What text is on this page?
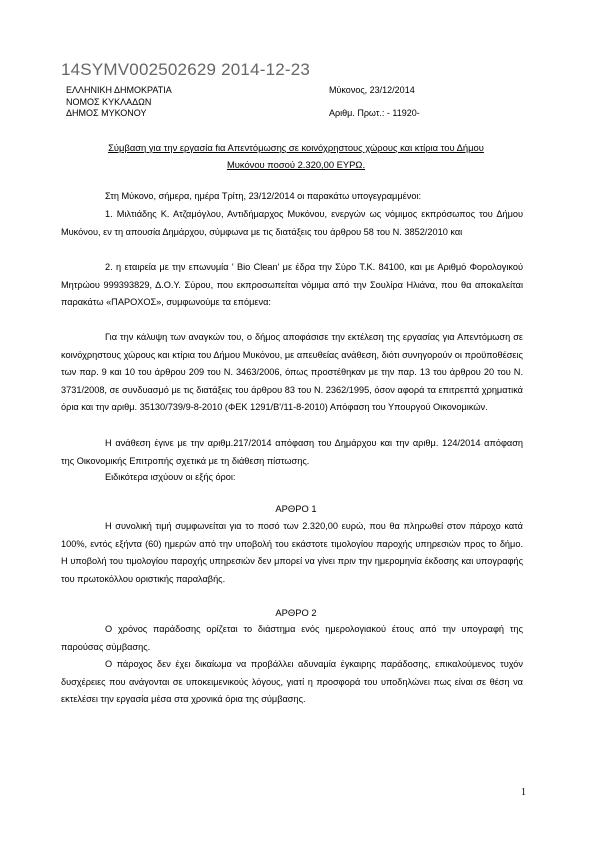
14SYMV002502629 2014-12-23
ΕΛΛΗΝΙΚΗ ΔΗΜΟΚΡΑΤΙΑ
ΝΟΜΟΣ ΚΥΚΛΑΔΩΝ
ΔΗΜΟΣ ΜΥΚΟΝΟΥ
Μύκονος, 23/12/2014
Αριθμ. Πρωτ.: - 11920-
Σύμβαση για την εργασία fια Απεντόμωσης σε κοινόχρηστους χώρους και κτίρια του Δήμου
Μυκόνου ποσού 2.320,00 ΕΥΡΩ.
Στη Μύκονο, σήμερα, ημέρα Τρίτη, 23/12/2014 οι παρακάτω υπογεγραμμένοι:
1. Μιλτιάδης Κ. Ατζαμόγλου, Αντιδήμαρχος Μυκόνου, ενεργών ως νόμιμος εκπρόσωπος του Δήμου Μυκόνου, εν τη απουσία Δημάρχου, σύμφωνα με τις διατάξεις του άρθρου 58 του Ν. 3852/2010 και
2. η εταιρεία με την επωνυμία ' Bio Clean' με έδρα την Σύρο Τ.Κ. 84100, και με Αριθμό Φορολογικού Μητρώου 999393829, Δ.Ο.Υ. Σύρου, που εκπροσωπείται νόμιμα από την Σουλίρα Ηλιάνα, που θα αποκαλείται παρακάτω «ΠΑΡΟΧΟΣ», συμφωνούμε τα επόμενα:
Για την κάλυψη των αναγκών του, ο δήμος αποφάσισε την εκτέλεση της εργασίας για Απεντόμωση σε κοινόχρηστους χώρους και κτίρια του Δήμου Μυκόνου, με απευθείας ανάθεση, διότι συνηγορούν οι προϋποθέσεις των παρ. 9 και 10 του άρθρου 209 του Ν. 3463/2006, όπως προστέθηκαν με την παρ. 13 του άρθρου 20 του Ν. 3731/2008, σε συνδυασμό με τις διατάξεις του άρθρου 83 του Ν. 2362/1995, όσον αφορά τα επιτρεπτά χρηματικά όρια και την αριθμ. 35130/739/9-8-2010 (ΦΕΚ 1291/Β'/11-8-2010) Απόφαση του Υπουργού Οικονομικών.
Η ανάθεση έγινε με την αριθμ.217/2014 απόφαση του Δημάρχου και την αριθμ. 124/2014 απόφαση της Οικονομικής Επιτροπής σχετικά με τη διάθεση πίστωσης.
Ειδικότερα ισχύουν οι εξής όροι:
ΑΡΘΡΟ 1
Η συνολική τιμή συμφωνείται για το ποσό των 2.320,00 ευρώ, που θα πληρωθεί στον πάροχο κατά 100%, εντός εξήντα (60) ημερών από την υποβολή του εκάστοτε τιμολογίου παροχής υπηρεσιών προς το δήμο. Η υποβολή του τιμολογίου παροχής υπηρεσιών δεν μπορεί να γίνει πριν την ημερομηνία έκδοσης και υπογραφής του πρωτοκόλλου οριστικής παραλαβής.
ΑΡΘΡΟ 2
Ο χρόνος παράδοσης ορίζεται το διάστημα ενός ημερολογιακού έτους από την υπογραφή της παρούσας σύμβασης.
Ο πάροχος δεν έχει δικαίωμα να προβάλλει αδυναμία έγκαιρης παράδοσης, επικαλούμενος τυχόν δυσχέρειες που ανάγονται σε υποκειμενικούς λόγους, γιατί η προσφορά του υποδηλώνει πως είναι σε θέση να εκτελέσει την εργασία μέσα στα χρονικά όρια της σύμβασης.
1
